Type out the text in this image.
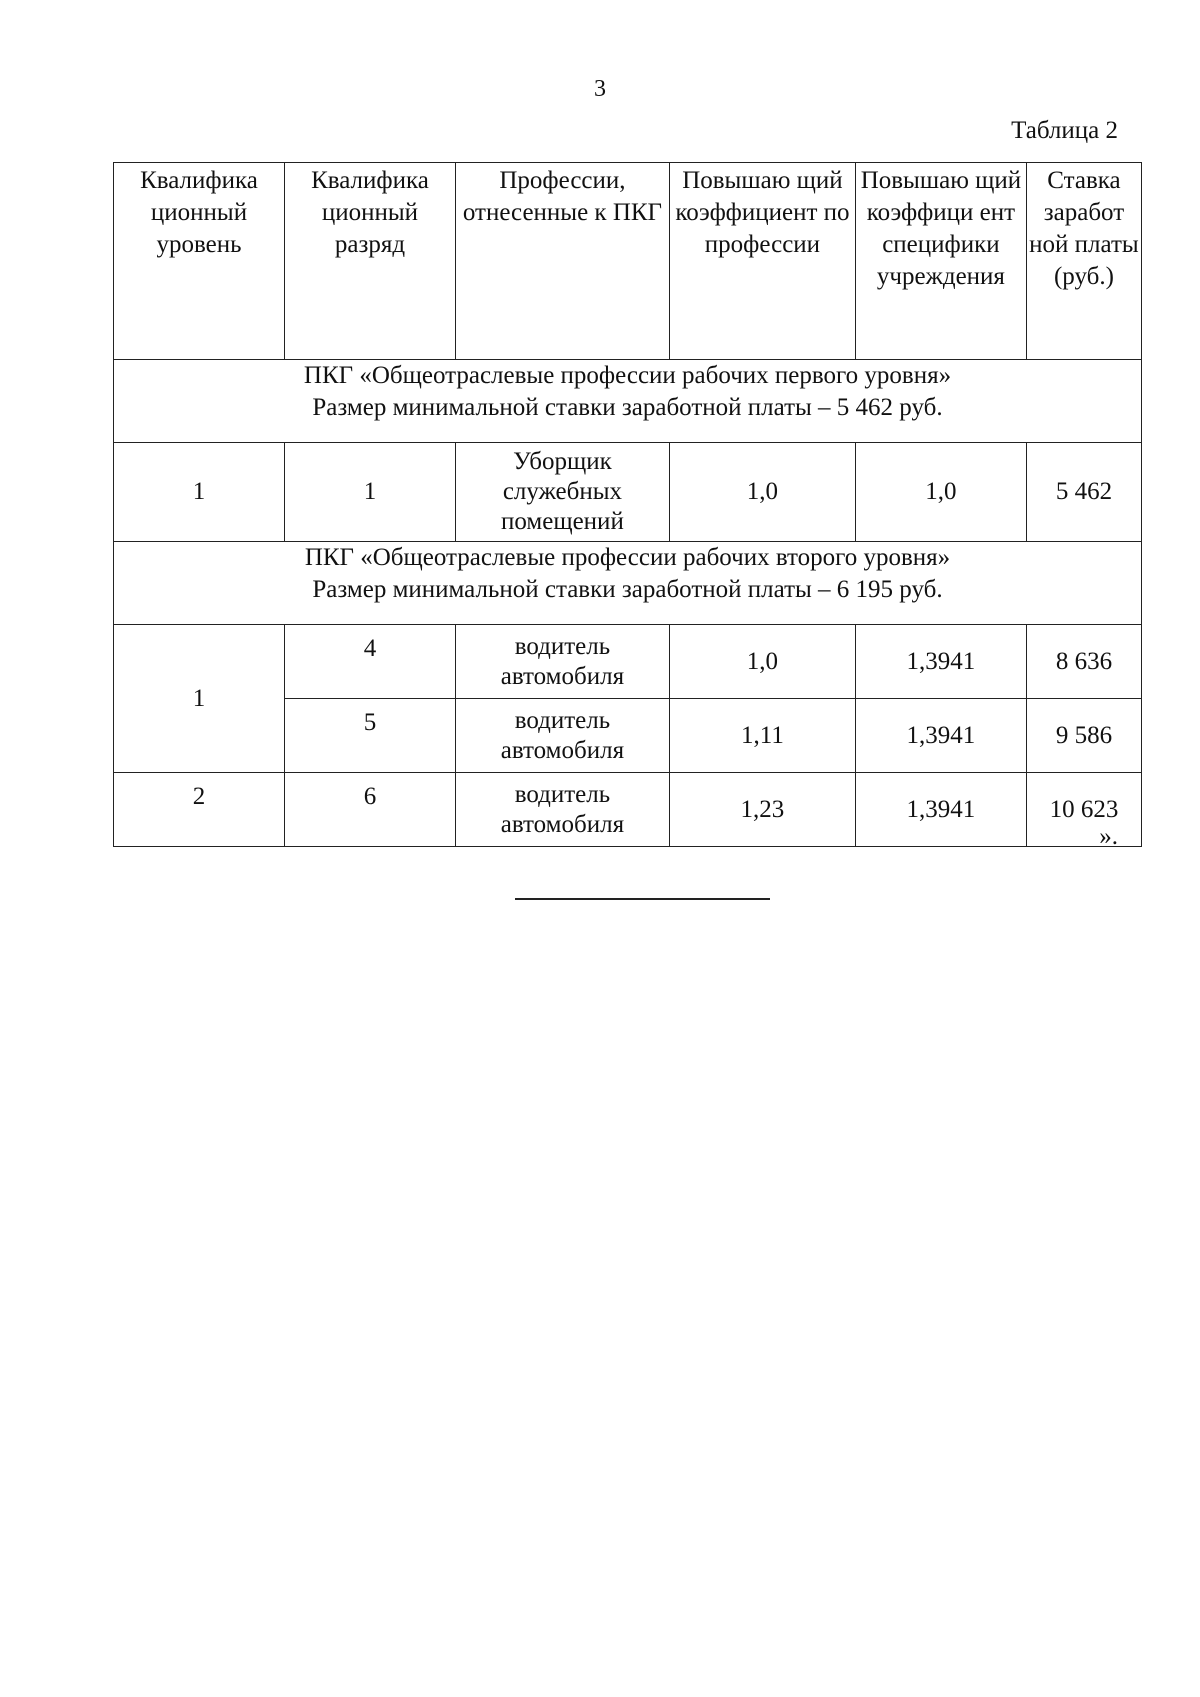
3
Таблица 2
Квалифика ционный уровень	Квалифика ционный разряд	Профессии, отнесенные к ПКГ	Повышаю щий коэффициент по профессии	Повышаю щий коэффици ент специфики учреждения	Ставка заработ ной платы (руб.)

ПКГ «Общеотраслевые профессии рабочих первого уровня»
Размер минимальной ставки заработной платы – 5 462 руб.					

1	1	Уборщик служебных помещений	1,0	1,0	5 462

ПКГ «Общеотраслевые профессии рабочих второго уровня»
Размер минимальной ставки заработной платы – 6 195 руб.					

1	4	водитель автомобиля	1,0	1,3941	8 636
	5	водитель автомобиля	1,11	1,3941	9 586
2	6	водитель автомобиля	1,23	1,3941	10 623
».
